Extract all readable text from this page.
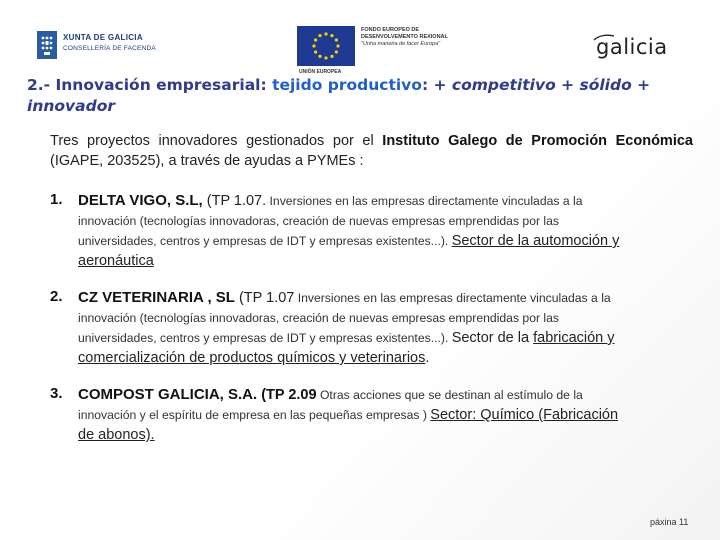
XUNTA DE GALICIA
CONSELLERÍA DE FACENDA
UNIÓN EUROPEA
FONDO EUROPEO DE
DESENVOLVEMENTO REXIONAL
"Unha maneira de facer Europa"	galicia
2.- Innovación empresarial: tejido productivo: + competitivo + sólido + innovador
Tres proyectos innovadores gestionados por el Instituto Galego de Promoción Económica (IGAPE, 203525), a través de ayudas a PYMEs :
1. DELTA VIGO, S.L, (TP 1.07. Inversiones en las empresas directamente vinculadas a la
innovación (tecnologías innovadoras, creación de nuevas empresas emprendidas por las
universidades, centros y empresas de IDT y empresas existentes...). Sector de la automoción y
aeronáutica
2. CZ VETERINARIA , SL (TP 1.07 Inversiones en las empresas directamente vinculadas a la
innovación (tecnologías innovadoras, creación de nuevas empresas emprendidas por las
universidades, centros y empresas de IDT y empresas existentes...). Sector de la fabricación y
comercialización de productos químicos y veterinarios.
3. COMPOST GALICIA, S.A. (TP 2.09 Otras acciones que se destinan al estímulo de la
innovación y el espíritu de empresa en las pequeñas empresas ) Sector: Químico (Fabricación
de abonos).
páxina 11
